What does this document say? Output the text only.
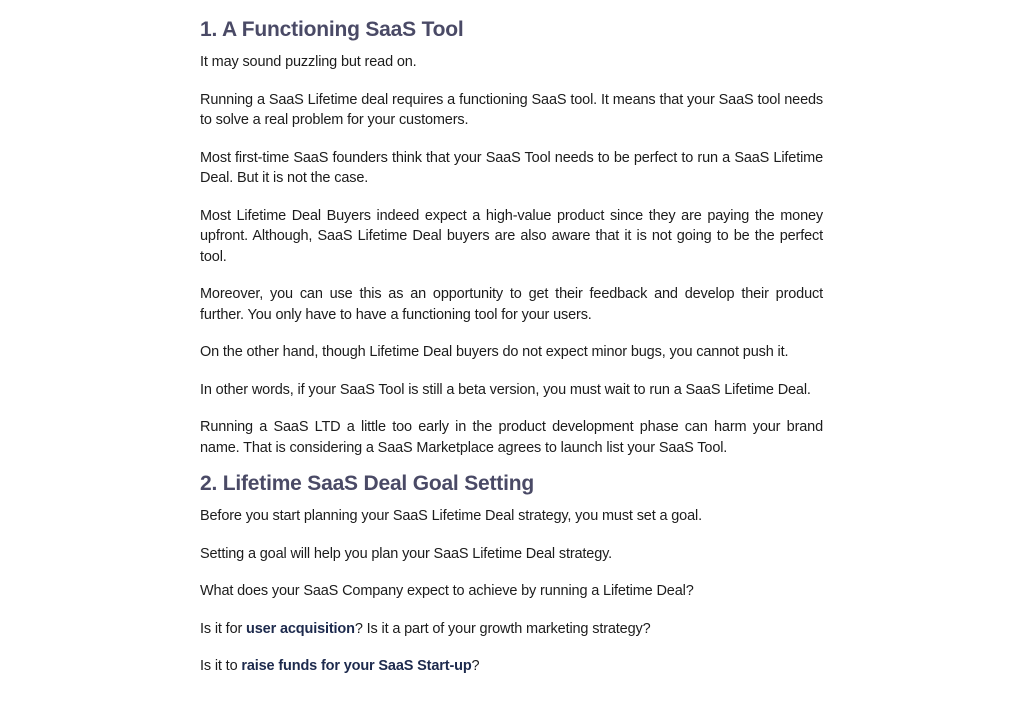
1. A Functioning SaaS Tool

It may sound puzzling but read on.

Running a SaaS Lifetime deal requires a functioning SaaS tool. It means that your SaaS tool needs to solve a real problem for your customers.

Most first-time SaaS founders think that your SaaS Tool needs to be perfect to run a SaaS Lifetime Deal. But it is not the case.

Most Lifetime Deal Buyers indeed expect a high-value product since they are paying the money upfront. Although, SaaS Lifetime Deal buyers are also aware that it is not going to be the perfect tool.

Moreover, you can use this as an opportunity to get their feedback and develop their product further. You only have to have a functioning tool for your users.

On the other hand, though Lifetime Deal buyers do not expect minor bugs, you cannot push it.

In other words, if your SaaS Tool is still a beta version, you must wait to run a SaaS Lifetime Deal.

Running a SaaS LTD a little too early in the product development phase can harm your brand name. That is considering a SaaS Marketplace agrees to launch list your SaaS Tool.

2. Lifetime SaaS Deal Goal Setting

Before you start planning your SaaS Lifetime Deal strategy, you must set a goal.

Setting a goal will help you plan your SaaS Lifetime Deal strategy.

What does your SaaS Company expect to achieve by running a Lifetime Deal?

Is it for user acquisition? Is it a part of your growth marketing strategy?

Is it to raise funds for your SaaS Start-up?
